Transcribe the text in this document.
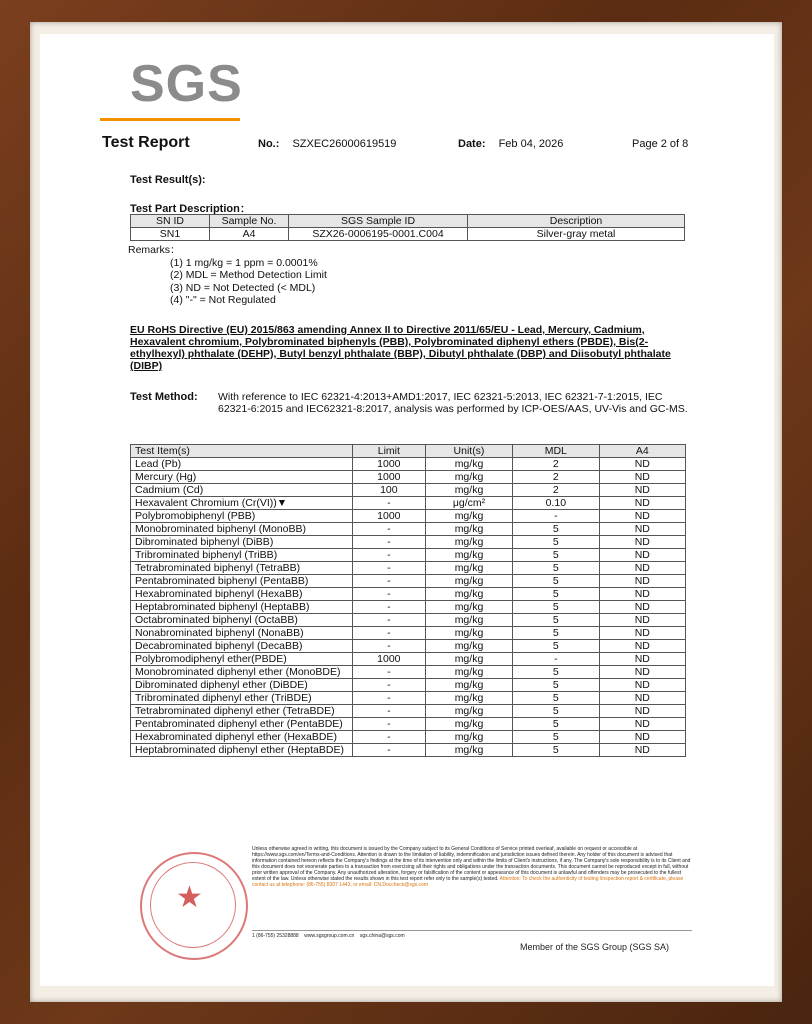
SGS
Test Report	No.: SZXEC26000619519	Date: Feb 04, 2026	Page 2 of 8
Test Result(s):
Test Part Description：
SN ID	Sample No.	SGS Sample ID	Description
SN1	A4	SZX26-0006195-0001.C004	Silver-gray metal
Remarks：
(1) 1 mg/kg = 1 ppm = 0.0001%
(2) MDL = Method Detection Limit
(3) ND = Not Detected (< MDL)
(4) "-" = Not Regulated
EU RoHS Directive (EU) 2015/863 amending Annex II to Directive 2011/65/EU - Lead, Mercury, Cadmium, Hexavalent chromium, Polybrominated biphenyls (PBB), Polybrominated diphenyl ethers (PBDE), Bis(2-ethylhexyl) phthalate (DEHP), Butyl benzyl phthalate (BBP), Dibutyl phthalate (DBP) and Diisobutyl phthalate (DIBP)
Test Method: With reference to IEC 62321-4:2013+AMD1:2017, IEC 62321-5:2013, IEC 62321-7-1:2015, IEC 62321-6:2015 and IEC62321-8:2017, analysis was performed by ICP-OES/AAS, UV-Vis and GC-MS.
Test Item(s)	Limit	Unit(s)	MDL	A4
Lead (Pb)	1000	mg/kg	2	ND
Mercury (Hg)	1000	mg/kg	2	ND
Cadmium (Cd)	100	mg/kg	2	ND
Hexavalent Chromium (Cr(VI))▼	-	μg/cm²	0.10	ND
Polybromobiphenyl (PBB)	1000	mg/kg	-	ND
Monobrominated biphenyl (MonoBB)	-	mg/kg	5	ND
Dibrominated biphenyl (DiBB)	-	mg/kg	5	ND
Tribrominated biphenyl (TriBB)	-	mg/kg	5	ND
Tetrabrominated biphenyl (TetraBB)	-	mg/kg	5	ND
Pentabrominated biphenyl (PentaBB)	-	mg/kg	5	ND
Hexabrominated biphenyl (HexaBB)	-	mg/kg	5	ND
Heptabrominated biphenyl (HeptaBB)	-	mg/kg	5	ND
Octabrominated biphenyl (OctaBB)	-	mg/kg	5	ND
Nonabrominated biphenyl (NonaBB)	-	mg/kg	5	ND
Decabrominated biphenyl (DecaBB)	-	mg/kg	5	ND
Polybromodiphenyl ether(PBDE)	1000	mg/kg	-	ND
Monobrominated diphenyl ether (MonoBDE)	-	mg/kg	5	ND
Dibrominated diphenyl ether (DiBDE)	-	mg/kg	5	ND
Tribrominated diphenyl ether (TriBDE)	-	mg/kg	5	ND
Tetrabrominated diphenyl ether (TetraBDE)	-	mg/kg	5	ND
Pentabrominated diphenyl ether (PentaBDE)	-	mg/kg	5	ND
Hexabrominated diphenyl ether (HexaBDE)	-	mg/kg	5	ND
Heptabrominated diphenyl ether (HeptaBDE)	-	mg/kg	5	ND
★
Unless otherwise agreed in writing, this document is issued by the Company subject to its General Conditions of Service printed overleaf, available on request or accessible at https://www.sgs.com/en/Terms-and-Conditions. Attention is drawn to the limitation of liability, indemnification and jurisdiction issues defined therein. Any holder of this document is advised that information contained hereon reflects the Company's findings at the time of its intervention only and within the limits of Client's instructions, if any. The Company's sole responsibility is to its Client and this document does not exonerate parties to a transaction from exercising all their rights and obligations under the transaction documents. This document cannot be reproduced except in full, without prior written approval of the Company. Any unauthorized alteration, forgery or falsification of the content or appearance of this document is unlawful and offenders may be prosecuted to the fullest extent of the law. Unless otherwise stated the results shown in this test report refer only to the sample(s) tested. Attention: To check the authenticity of testing /inspection report & certificate, please contact us at telephone: (86-755) 8307 1443, or email: CN.Doccheck@sgs.com
1 (86-755) 25328888 www.sgsgroup.com.cn sgs.china@sgs.com
Member of the SGS Group (SGS SA)
